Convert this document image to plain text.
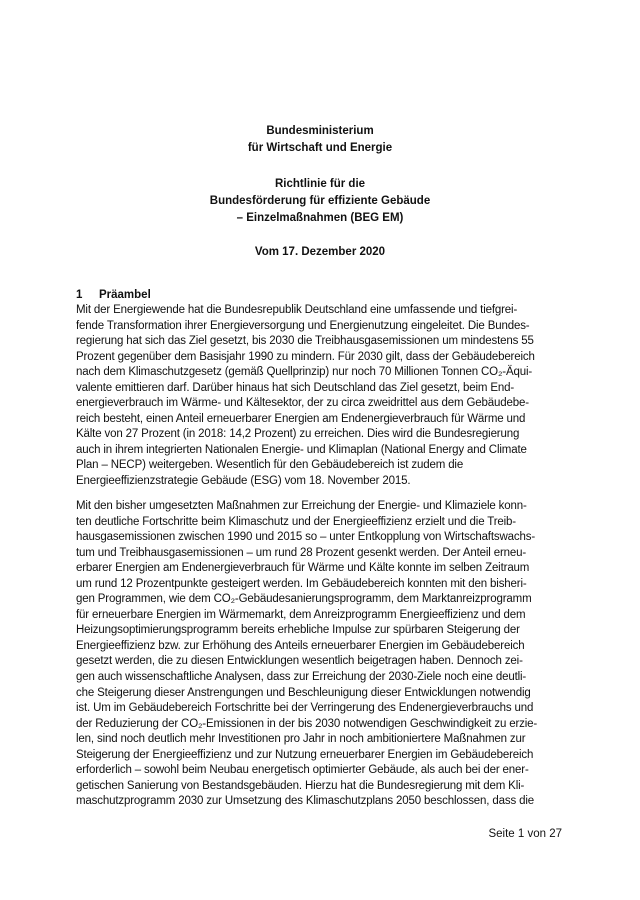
Bundesministerium
für Wirtschaft und Energie
Richtlinie für die
Bundesförderung für effiziente Gebäude
– Einzelmaßnahmen (BEG EM)
Vom 17. Dezember 2020
1 Präambel
Mit der Energiewende hat die Bundesrepublik Deutschland eine umfassende und tiefgrei-
fende Transformation ihrer Energieversorgung und Energienutzung eingeleitet. Die Bundes-
regierung hat sich das Ziel gesetzt, bis 2030 die Treibhausgasemissionen um mindestens 55
Prozent gegenüber dem Basisjahr 1990 zu mindern. Für 2030 gilt, dass der Gebäudebereich
nach dem Klimaschutzgesetz (gemäß Quellprinzip) nur noch 70 Millionen Tonnen CO₂-Äqui-
valente emittieren darf. Darüber hinaus hat sich Deutschland das Ziel gesetzt, beim End-
energieverbrauch im Wärme- und Kältesektor, der zu circa zweidrittel aus dem Gebäudebe-
reich besteht, einen Anteil erneuerbarer Energien am Endenergieverbrauch für Wärme und
Kälte von 27 Prozent (in 2018: 14,2 Prozent) zu erreichen. Dies wird die Bundesregierung
auch in ihrem integrierten Nationalen Energie- und Klimaplan (National Energy and Climate
Plan – NECP) weitergeben. Wesentlich für den Gebäudebereich ist zudem die
Energieeffizienzstrategie Gebäude (ESG) vom 18. November 2015.
Mit den bisher umgesetzten Maßnahmen zur Erreichung der Energie- und Klimaziele konn-
ten deutliche Fortschritte beim Klimaschutz und der Energieeffizienz erzielt und die Treib-
hausgasemissionen zwischen 1990 und 2015 so – unter Entkopplung von Wirtschaftswachs-
tum und Treibhausgasemissionen – um rund 28 Prozent gesenkt werden. Der Anteil erneu-
erbarer Energien am Endenergieverbrauch für Wärme und Kälte konnte im selben Zeitraum
um rund 12 Prozentpunkte gesteigert werden. Im Gebäudebereich konnten mit den bisheri-
gen Programmen, wie dem CO₂-Gebäudesanierungsprogramm, dem Marktanreizprogramm
für erneuerbare Energien im Wärmemarkt, dem Anreizprogramm Energieeffizienz und dem
Heizungsoptimierungsprogramm bereits erhebliche Impulse zur spürbaren Steigerung der
Energieeffizienz bzw. zur Erhöhung des Anteils erneuerbarer Energien im Gebäudebereich
gesetzt werden, die zu diesen Entwicklungen wesentlich beigetragen haben. Dennoch zei-
gen auch wissenschaftliche Analysen, dass zur Erreichung der 2030-Ziele noch eine deutli-
che Steigerung dieser Anstrengungen und Beschleunigung dieser Entwicklungen notwendig
ist. Um im Gebäudebereich Fortschritte bei der Verringerung des Endenergieverbrauchs und
der Reduzierung der CO₂-Emissionen in der bis 2030 notwendigen Geschwindigkeit zu erzie-
len, sind noch deutlich mehr Investitionen pro Jahr in noch ambitioniertere Maßnahmen zur
Steigerung der Energieeffizienz und zur Nutzung erneuerbarer Energien im Gebäudebereich
erforderlich – sowohl beim Neubau energetisch optimierter Gebäude, als auch bei der ener-
getischen Sanierung von Bestandsgebäuden. Hierzu hat die Bundesregierung mit dem Kli-
maschutzprogramm 2030 zur Umsetzung des Klimaschutzplans 2050 beschlossen, dass die
Seite 1 von 27
